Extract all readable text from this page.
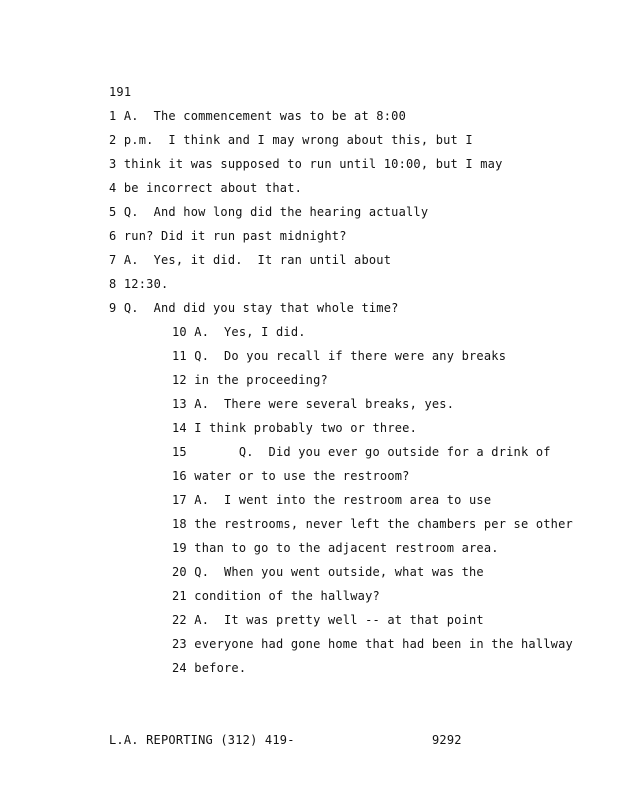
191
1 A.  The commencement was to be at 8:00
2 p.m.  I think and I may wrong about this, but I
3 think it was supposed to run until 10:00, but I may
4 be incorrect about that.
5 Q.  And how long did the hearing actually
6 run? Did it run past midnight?
7 A.  Yes, it did.  It ran until about
8 12:30.
9 Q.  And did you stay that whole time?
10 A.  Yes, I did.
11 Q.  Do you recall if there were any breaks
12 in the proceeding?
13 A.  There were several breaks, yes.
14 I think probably two or three.
15	Q.  Did you ever go outside for a drink of
16 water or to use the restroom?
17 A.  I went into the restroom area to use
18 the restrooms, never left the chambers per se other
19 than to go to the adjacent restroom area.
20 Q.  When you went outside, what was the
21 condition of the hallway?
22 A.  It was pretty well -- at that point
23 everyone had gone home that had been in the hallway
24 before.
L.A. REPORTING (312) 419-	9292
